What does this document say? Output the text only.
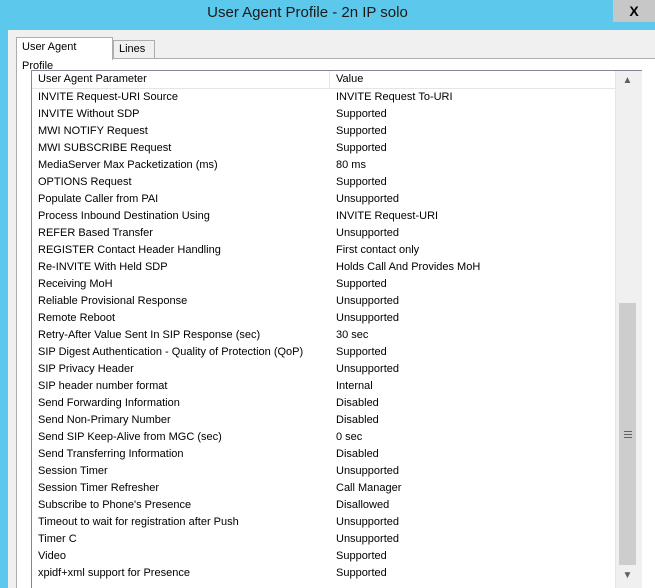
User Agent Profile - 2n IP solo	X
User Agent Profile
Lines
User Agent Parameter	Value
INVITE Request-URI Source	INVITE Request To-URI
INVITE Without SDP	Supported
MWI NOTIFY Request	Supported
MWI SUBSCRIBE Request	Supported
MediaServer Max Packetization (ms)	80 ms
OPTIONS Request	Supported
Populate Caller from PAI	Unsupported
Process Inbound Destination Using	INVITE Request-URI
REFER Based Transfer	Unsupported
REGISTER Contact Header Handling	First contact only
Re-INVITE With Held SDP	Holds Call And Provides MoH
Receiving MoH	Supported
Reliable Provisional Response	Unsupported
Remote Reboot	Unsupported
Retry-After Value Sent In SIP Response (sec)	30 sec
SIP Digest Authentication - Quality of Protection (QoP)	Supported
SIP Privacy Header	Unsupported
SIP header number format	Internal
Send Forwarding Information	Disabled
Send Non-Primary Number	Disabled
Send SIP Keep-Alive from MGC (sec)	0 sec
Send Transferring Information	Disabled
Session Timer	Unsupported
Session Timer Refresher	Call Manager
Subscribe to Phone's Presence	Disallowed
Timeout to wait for registration after Push	Unsupported
Timer C	Unsupported
Video	Supported
xpidf+xml support for Presence	Supported
▲
▼
